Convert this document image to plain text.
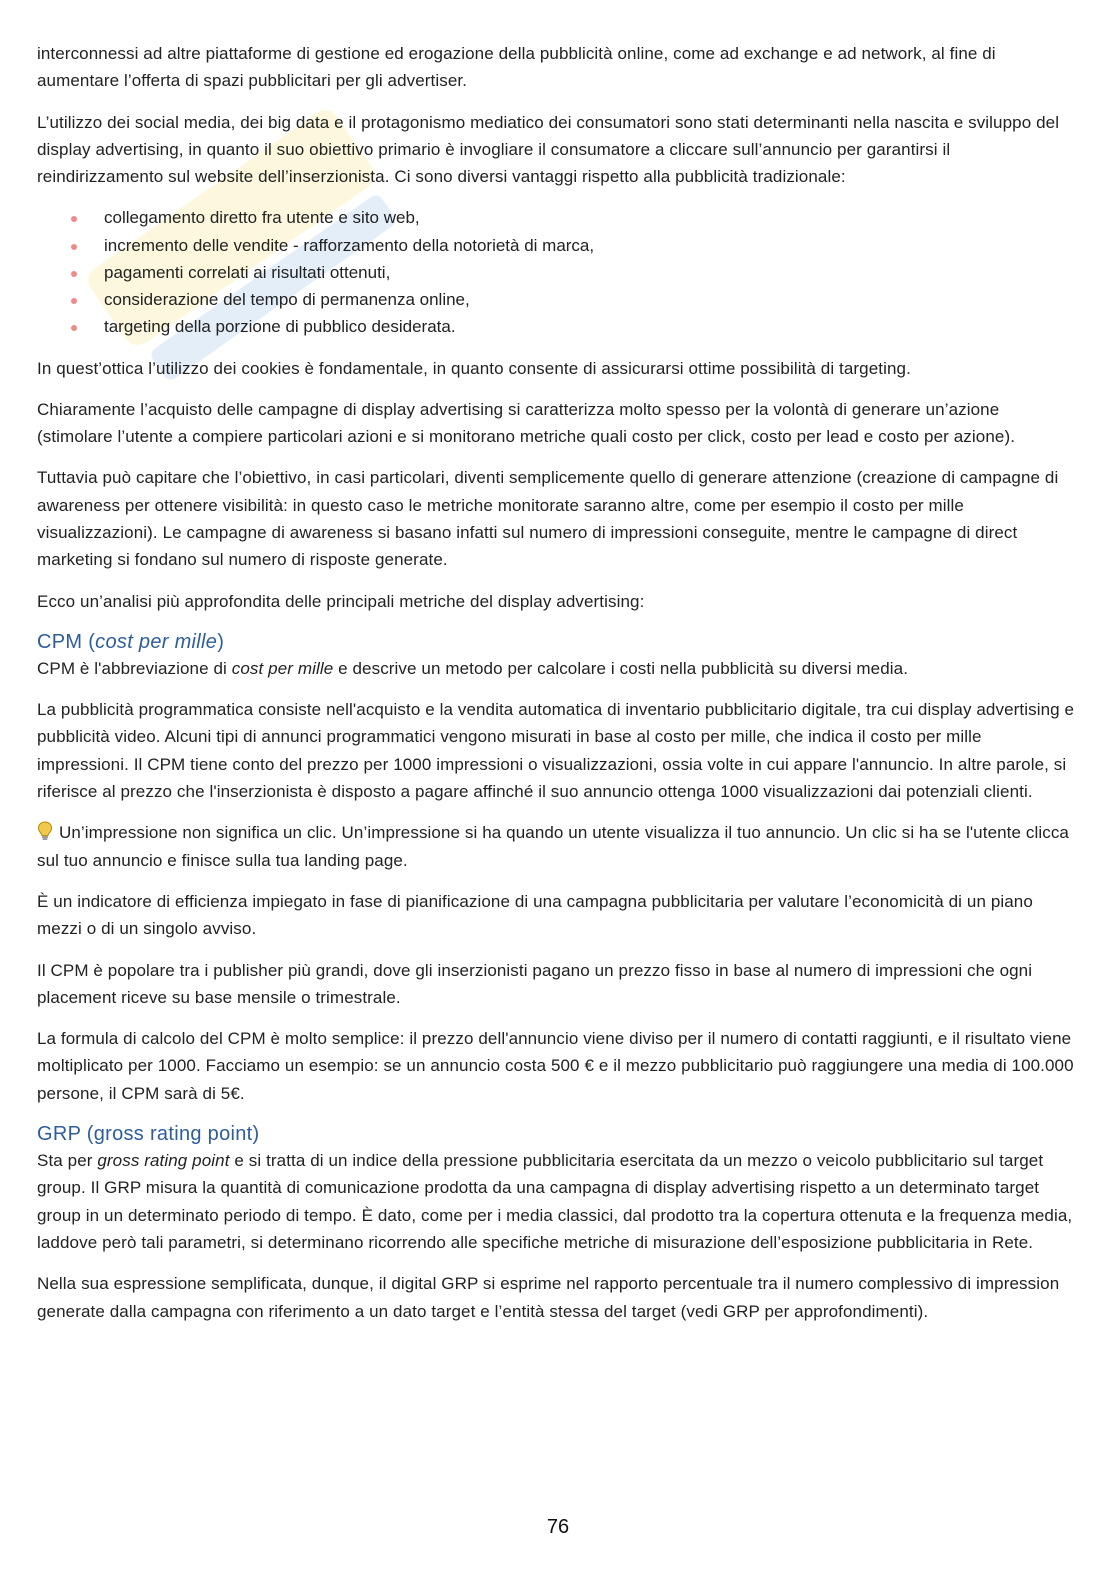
interconnessi ad altre piattaforme di gestione ed erogazione della pubblicità online, come ad exchange e ad network, al fine di aumentare l’offerta di spazi pubblicitari per gli advertiser.

L’utilizzo dei social media, dei big data e il protagonismo mediatico dei consumatori sono stati determinanti nella nascita e sviluppo del display advertising, in quanto il suo obiettivo primario è invogliare il consumatore a cliccare sull’annuncio per garantirsi il reindirizzamento sul website dell’inserzionista. Ci sono diversi vantaggi rispetto alla pubblicità tradizionale:

collegamento diretto fra utente e sito web,
incremento delle vendite - rafforzamento della notorietà di marca,
pagamenti correlati ai risultati ottenuti,
considerazione del tempo di permanenza online,
targeting della porzione di pubblico desiderata.

In quest’ottica l’utilizzo dei cookies è fondamentale, in quanto consente di assicurarsi ottime possibilità di targeting.

Chiaramente l’acquisto delle campagne di display advertising si caratterizza molto spesso per la volontà di generare un’azione (stimolare l’utente a compiere particolari azioni e si monitorano metriche quali costo per click, costo per lead e costo per azione).

Tuttavia può capitare che l’obiettivo, in casi particolari, diventi semplicemente quello di generare attenzione (creazione di campagne di awareness per ottenere visibilità: in questo caso le metriche monitorate saranno altre, come per esempio il costo per mille visualizzazioni). Le campagne di awareness si basano infatti sul numero di impressioni conseguite, mentre le campagne di direct marketing si fondano sul numero di risposte generate.

Ecco un’analisi più approfondita delle principali metriche del display advertising:

CPM (cost per mille)

CPM è l'abbreviazione di cost per mille e descrive un metodo per calcolare i costi nella pubblicità su diversi media.

La pubblicità programmatica consiste nell'acquisto e la vendita automatica di inventario pubblicitario digitale, tra cui display advertising e pubblicità video. Alcuni tipi di annunci programmatici vengono misurati in base al costo per mille, che indica il costo per mille impressioni. Il CPM tiene conto del prezzo per 1000 impressioni o visualizzazioni, ossia volte in cui appare l'annuncio. In altre parole, si riferisce al prezzo che l'inserzionista è disposto a pagare affinché il suo annuncio ottenga 1000 visualizzazioni dai potenziali clienti.

Un’impressione non significa un clic. Un’impressione si ha quando un utente visualizza il tuo annuncio. Un clic si ha se l'utente clicca sul tuo annuncio e finisce sulla tua landing page.

È un indicatore di efficienza impiegato in fase di pianificazione di una campagna pubblicitaria per valutare l’economicità di un piano mezzi o di un singolo avviso.

Il CPM è popolare tra i publisher più grandi, dove gli inserzionisti pagano un prezzo fisso in base al numero di impressioni che ogni placement riceve su base mensile o trimestrale.

La formula di calcolo del CPM è molto semplice: il prezzo dell'annuncio viene diviso per il numero di contatti raggiunti, e il risultato viene moltiplicato per 1000. Facciamo un esempio: se un annuncio costa 500 € e il mezzo pubblicitario può raggiungere una media di 100.000 persone, il CPM sarà di 5€.

GRP (gross rating point)

Sta per gross rating point e si tratta di un indice della pressione pubblicitaria esercitata da un mezzo o veicolo pubblicitario sul target group. Il GRP misura la quantità di comunicazione prodotta da una campagna di display advertising rispetto a un determinato target group in un determinato periodo di tempo. È dato, come per i media classici, dal prodotto tra la copertura ottenuta e la frequenza media, laddove però tali parametri, si determinano ricorrendo alle specifiche metriche di misurazione dell’esposizione pubblicitaria in Rete.

Nella sua espressione semplificata, dunque, il digital GRP si esprime nel rapporto percentuale tra il numero complessivo di impression generate dalla campagna con riferimento a un dato target e l’entità stessa del target (vedi GRP per approfondimenti).

76
